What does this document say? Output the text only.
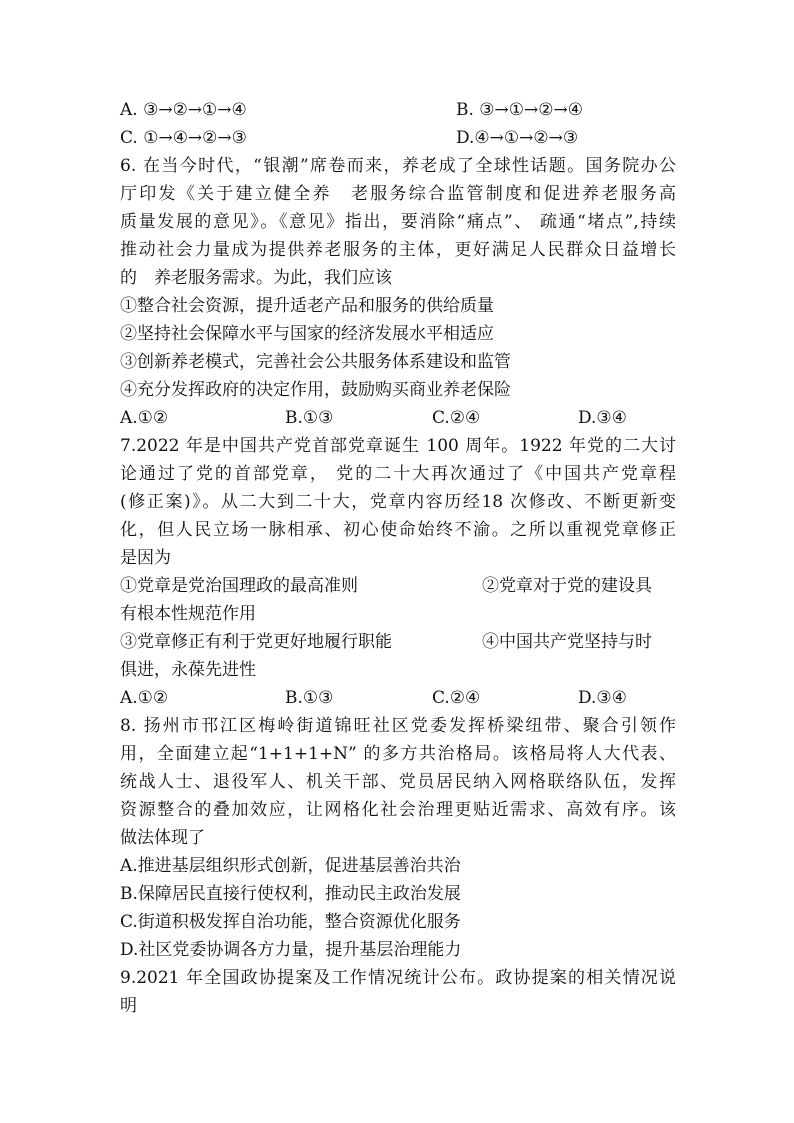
A. ③→②→①→④	B. ③→①→②→④
C. ①→④→②→③	D.④→①→②→③
6. 在当今时代，“银潮”席卷而来，养老成了全球性话题。国务院办公
厅印发《关于建立健全养　老服务综合监管制度和促进养老服务高
质量发展的意见》。《意见》指出，要消除“痛点”、 疏通“堵点”,持续
推动社会力量成为提供养老服务的主体，更好满足人民群众日益增长
的　养老服务需求。为此，我们应该
①整合社会资源，提升适老产品和服务的供给质量
②坚持社会保障水平与国家的经济发展水平相适应
③创新养老模式，完善社会公共服务体系建设和监管
④充分发挥政府的决定作用，鼓励购买商业养老保险
A.①②	B.①③	C.②④	D.③④
7.2022 年是中国共产党首部党章诞生 100 周年。1922 年党的二大讨
论通过了党的首部党章， 党的二十大再次通过了《中国共产党章程
(修正案)》。从二大到二十大，党章内容历经18 次修改、不断更新变
化，但人民立场一脉相承、初心使命始终不渝。之所以重视党章修正
是因为
①党章是党治国理政的最高准则	②党章对于党的建设具
有根本性规范作用
③党章修正有利于党更好地履行职能	④中国共产党坚持与时
俱进，永葆先进性
A.①②	B.①③	C.②④	D.③④
8. 扬州市邗江区梅岭街道锦旺社区党委发挥桥梁纽带、聚合引领作
用，全面建立起“1+1+1+N” 的多方共治格局。该格局将人大代表、
统战人士、退役军人、机关干部、党员居民纳入网格联络队伍，发挥
资源整合的叠加效应，让网格化社会治理更贴近需求、高效有序。该
做法体现了
A.推进基层组织形式创新，促进基层善治共治
B.保障居民直接行使权利，推动民主政治发展
C.街道积极发挥自治功能，整合资源优化服务
D.社区党委协调各方力量，提升基层治理能力
9.2021 年全国政协提案及工作情况统计公布。政协提案的相关情况说
明
